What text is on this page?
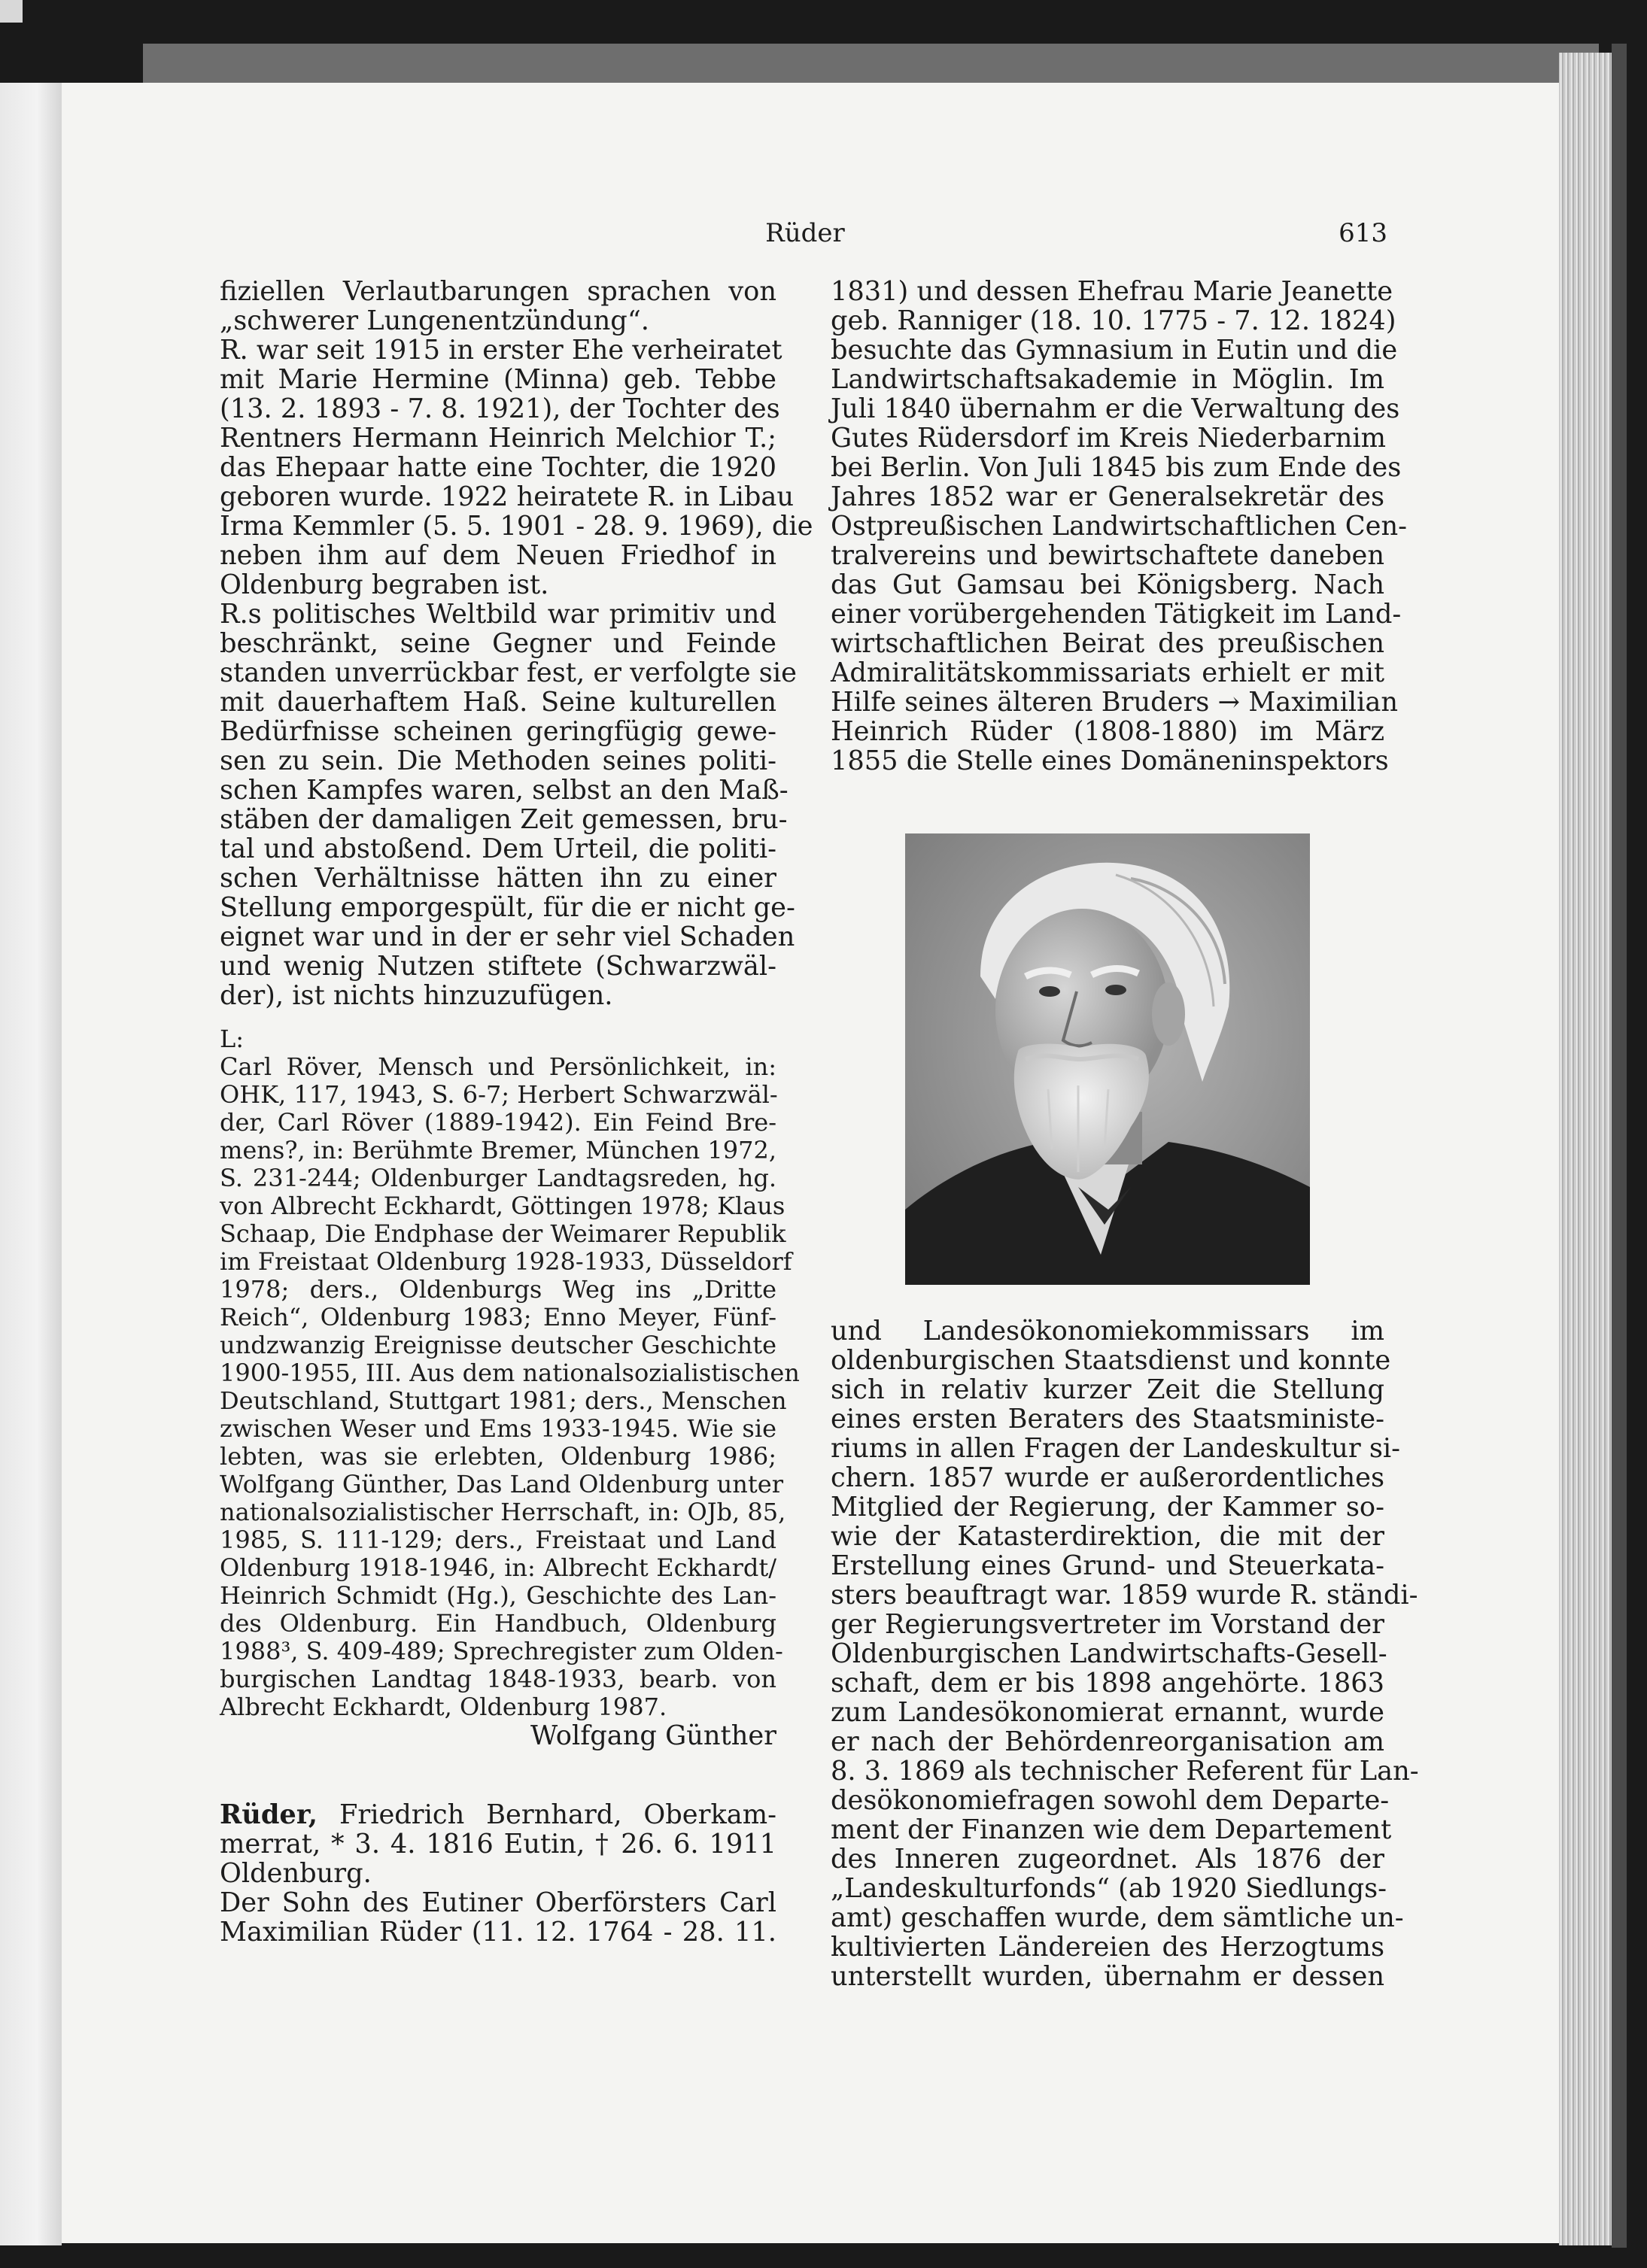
Rüder	613
fiziellen Verlautbarungen sprachen von
„schwerer Lungenentzündung“.
R. war seit 1915 in erster Ehe verheiratet
mit Marie Hermine (Minna) geb. Tebbe
(13. 2. 1893 - 7. 8. 1921), der Tochter des
Rentners Hermann Heinrich Melchior T.;
das Ehepaar hatte eine Tochter, die 1920
geboren wurde. 1922 heiratete R. in Libau
Irma Kemmler (5. 5. 1901 - 28. 9. 1969), die
neben ihm auf dem Neuen Friedhof in
Oldenburg begraben ist.
R.s politisches Weltbild war primitiv und
beschränkt, seine Gegner und Feinde
standen unverrückbar fest, er verfolgte sie
mit dauerhaftem Haß. Seine kulturellen
Bedürfnisse scheinen geringfügig gewe-
sen zu sein. Die Methoden seines politi-
schen Kampfes waren, selbst an den Maß-
stäben der damaligen Zeit gemessen, bru-
tal und abstoßend. Dem Urteil, die politi-
schen Verhältnisse hätten ihn zu einer
Stellung emporgespült, für die er nicht ge-
eignet war und in der er sehr viel Schaden
und wenig Nutzen stiftete (Schwarzwäl-
der), ist nichts hinzuzufügen.
L:
Carl Röver, Mensch und Persönlichkeit, in:
OHK, 117, 1943, S. 6-7; Herbert Schwarzwäl-
der, Carl Röver (1889-1942). Ein Feind Bre-
mens?, in: Berühmte Bremer, München 1972,
S. 231-244; Oldenburger Landtagsreden, hg.
von Albrecht Eckhardt, Göttingen 1978; Klaus
Schaap, Die Endphase der Weimarer Republik
im Freistaat Oldenburg 1928-1933, Düsseldorf
1978; ders., Oldenburgs Weg ins „Dritte
Reich“, Oldenburg 1983; Enno Meyer, Fünf-
undzwanzig Ereignisse deutscher Geschichte
1900-1955, III. Aus dem nationalsozialistischen
Deutschland, Stuttgart 1981; ders., Menschen
zwischen Weser und Ems 1933-1945. Wie sie
lebten, was sie erlebten, Oldenburg 1986;
Wolfgang Günther, Das Land Oldenburg unter
nationalsozialistischer Herrschaft, in: OJb, 85,
1985, S. 111-129; ders., Freistaat und Land
Oldenburg 1918-1946, in: Albrecht Eckhardt/
Heinrich Schmidt (Hg.), Geschichte des Lan-
des Oldenburg. Ein Handbuch, Oldenburg
1988³, S. 409-489; Sprechregister zum Olden-
burgischen Landtag 1848-1933, bearb. von
Albrecht Eckhardt, Oldenburg 1987.
Wolfgang Günther
Rüder, Friedrich Bernhard, Oberkam-
merrat, * 3. 4. 1816 Eutin, † 26. 6. 1911
Oldenburg.
Der Sohn des Eutiner Oberförsters Carl
Maximilian Rüder (11. 12. 1764 - 28. 11.
1831) und dessen Ehefrau Marie Jeanette
geb. Ranniger (18. 10. 1775 - 7. 12. 1824)
besuchte das Gymnasium in Eutin und die
Landwirtschaftsakademie in Möglin. Im
Juli 1840 übernahm er die Verwaltung des
Gutes Rüdersdorf im Kreis Niederbarnim
bei Berlin. Von Juli 1845 bis zum Ende des
Jahres 1852 war er Generalsekretär des
Ostpreußischen Landwirtschaftlichen Cen-
tralvereins und bewirtschaftete daneben
das Gut Gamsau bei Königsberg. Nach
einer vorübergehenden Tätigkeit im Land-
wirtschaftlichen Beirat des preußischen
Admiralitätskommissariats erhielt er mit
Hilfe seines älteren Bruders → Maximilian
Heinrich Rüder (1808-1880) im März
1855 die Stelle eines Domäneninspektors
und Landesökonomiekommissars im
oldenburgischen Staatsdienst und konnte
sich in relativ kurzer Zeit die Stellung
eines ersten Beraters des Staatsministe-
riums in allen Fragen der Landeskultur si-
chern. 1857 wurde er außerordentliches
Mitglied der Regierung, der Kammer so-
wie der Katasterdirektion, die mit der
Erstellung eines Grund- und Steuerkata-
sters beauftragt war. 1859 wurde R. ständi-
ger Regierungsvertreter im Vorstand der
Oldenburgischen Landwirtschafts-Gesell-
schaft, dem er bis 1898 angehörte. 1863
zum Landesökonomierat ernannt, wurde
er nach der Behördenreorganisation am
8. 3. 1869 als technischer Referent für Lan-
desökonomiefragen sowohl dem Departe-
ment der Finanzen wie dem Departement
des Inneren zugeordnet. Als 1876 der
„Landeskulturfonds“ (ab 1920 Siedlungs-
amt) geschaffen wurde, dem sämtliche un-
kultivierten Ländereien des Herzogtums
unterstellt wurden, übernahm er dessen
